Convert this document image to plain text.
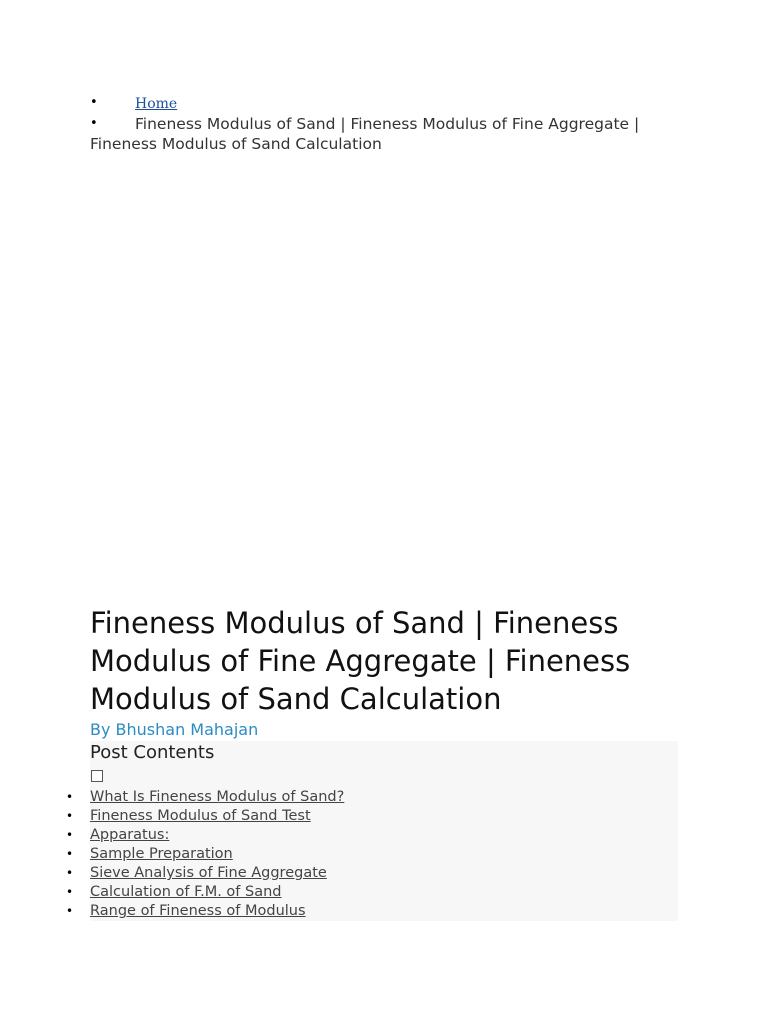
•	Home
• Fineness Modulus of Sand | Fineness Modulus of Fine Aggregate | Fineness Modulus of Sand Calculation
Fineness Modulus of Sand | Fineness Modulus of Fine Aggregate | Fineness Modulus of Sand Calculation
By Bhushan Mahajan
Post Contents
• What Is Fineness Modulus of Sand?
• Fineness Modulus of Sand Test
• Apparatus:
• Sample Preparation
• Sieve Analysis of Fine Aggregate
• Calculation of F.M. of Sand
• Range of Fineness of Modulus
